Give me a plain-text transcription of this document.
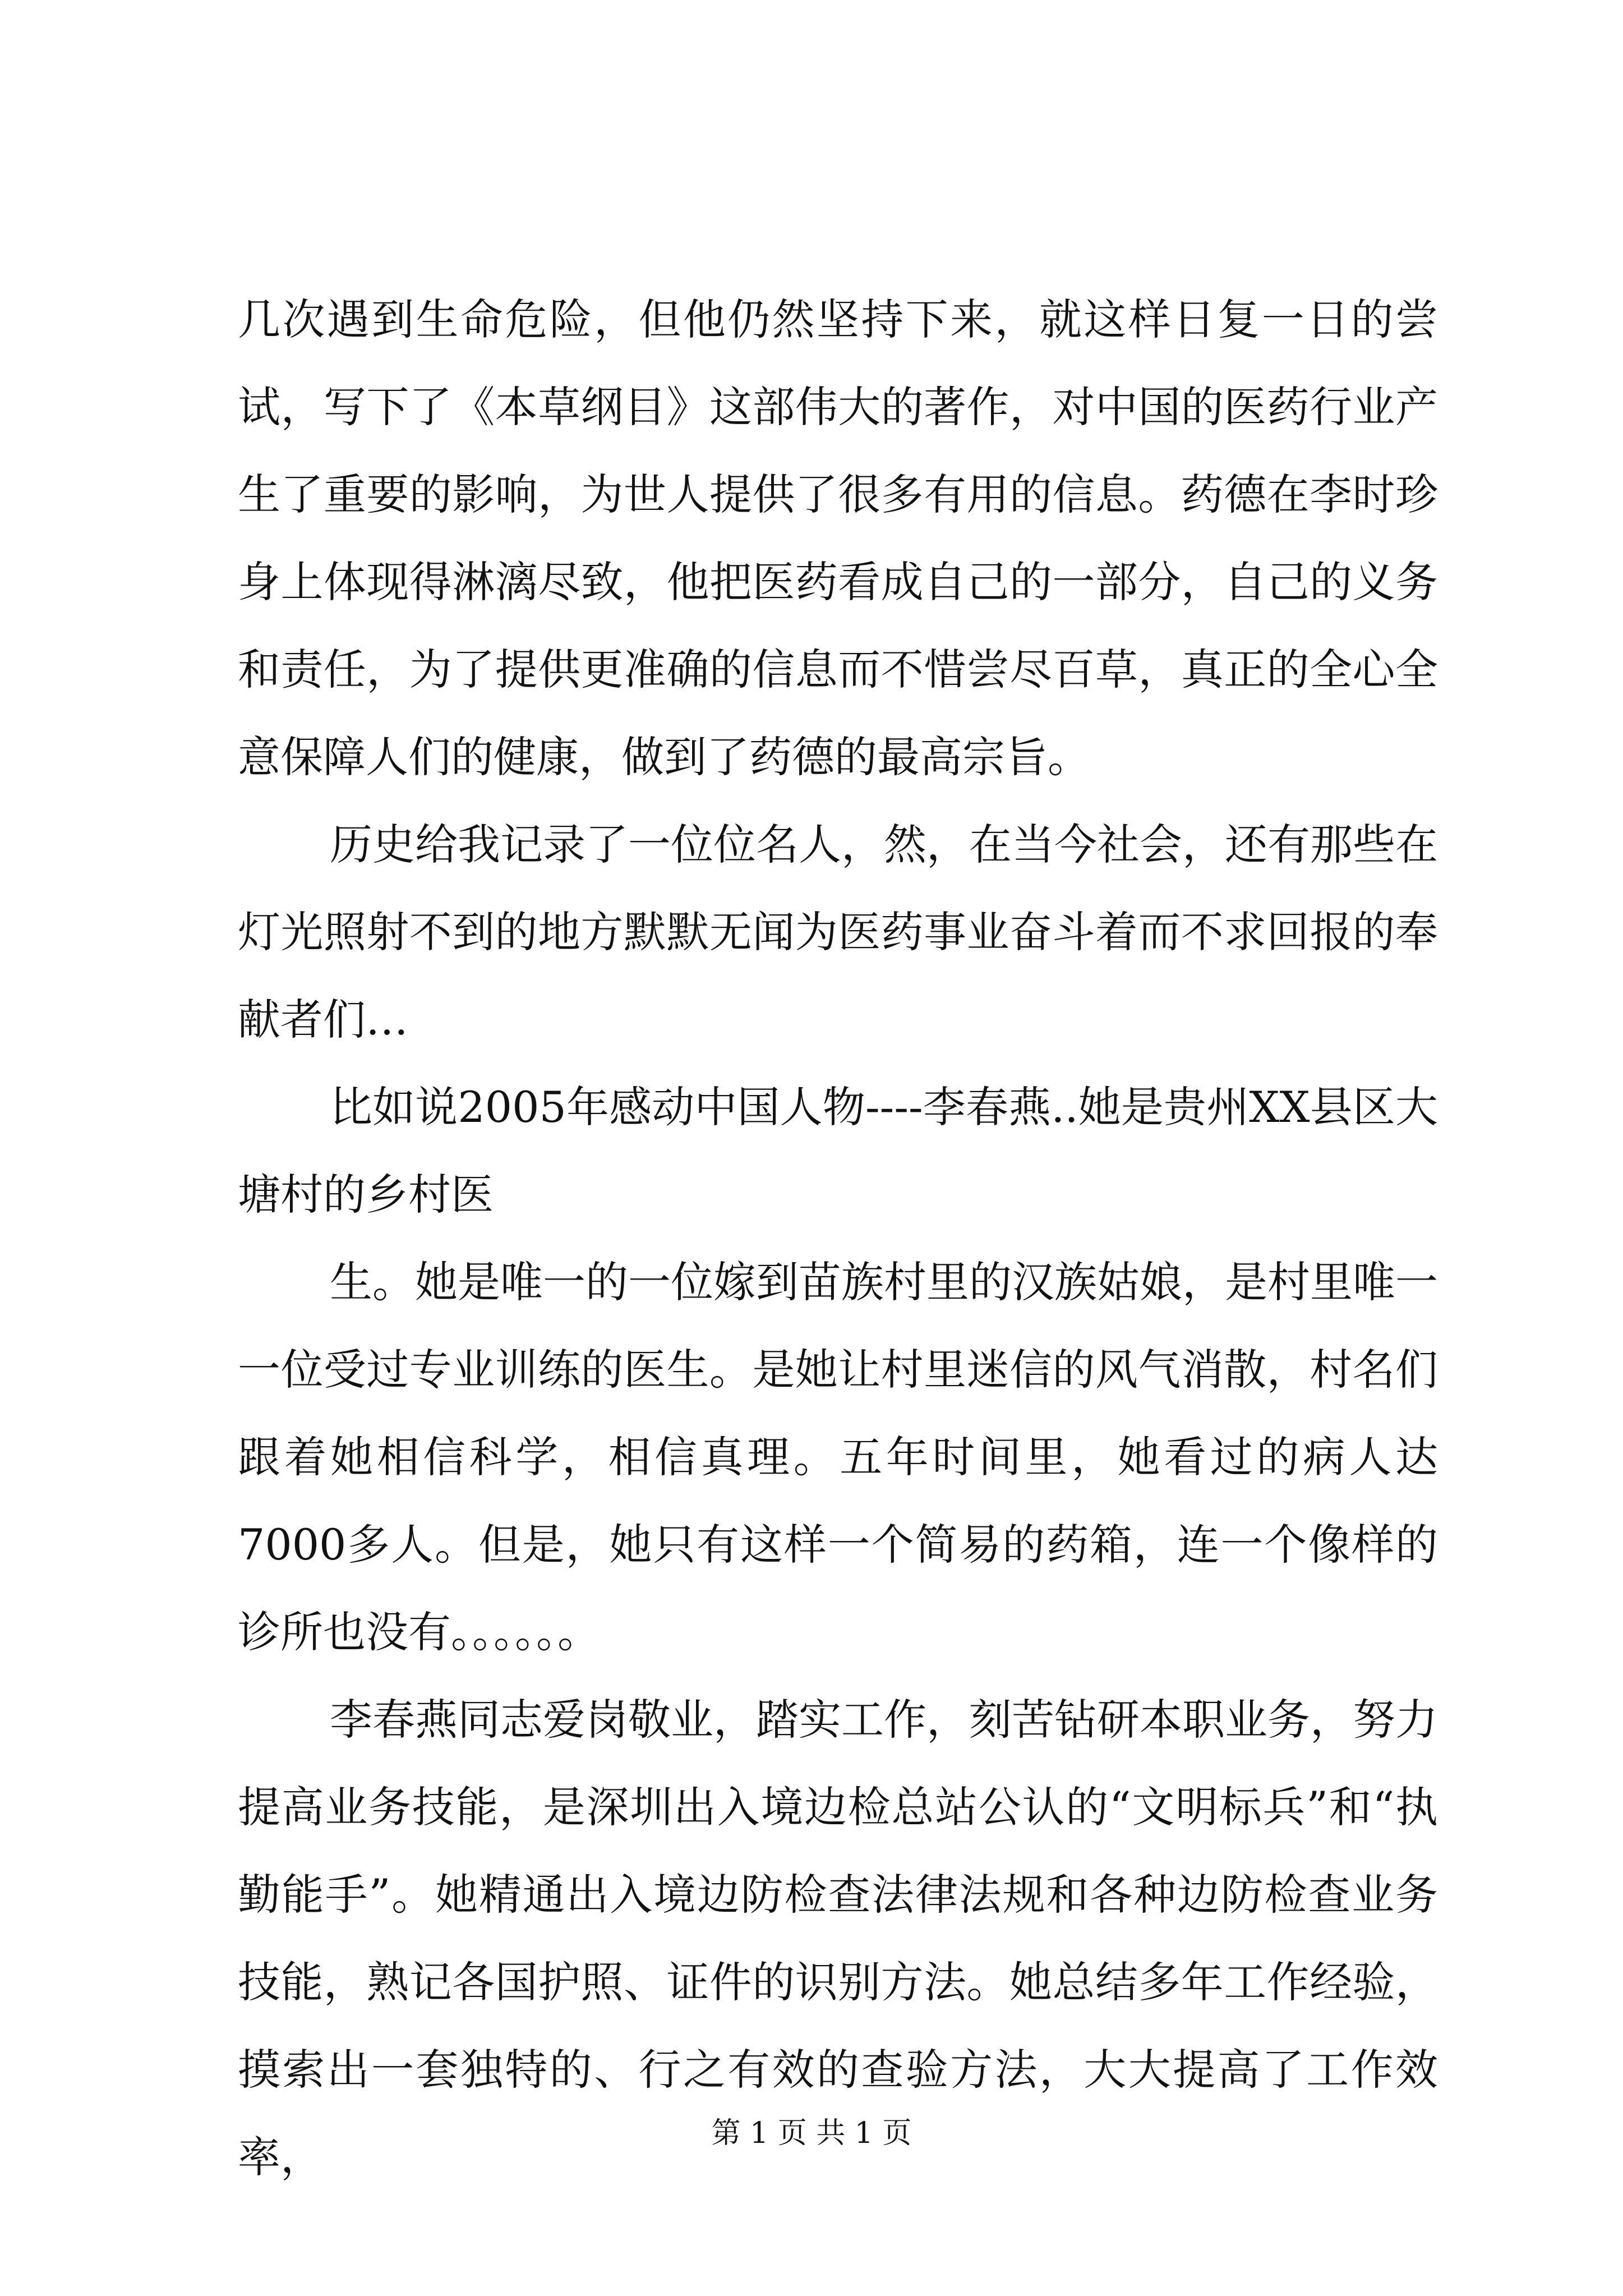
几次遇到生命危险，但他仍然坚持下来，就这样日复一日的尝试，写下了《本草纲目》这部伟大的著作，对中国的医药行业产生了重要的影响，为世人提供了很多有用的信息。药德在李时珍身上体现得淋漓尽致，他把医药看成自己的一部分，自己的义务和责任，为了提供更准确的信息而不惜尝尽百草，真正的全心全意保障人们的健康，做到了药德的最高宗旨。

历史给我记录了一位位名人，然，在当今社会，还有那些在灯光照射不到的地方默默无闻为医药事业奋斗着而不求回报的奉献者们…

比如说2005年感动中国人物----李春燕..她是贵州XX县区大塘村的乡村医

生。她是唯一的一位嫁到苗族村里的汉族姑娘，是村里唯一一位受过专业训练的医生。是她让村里迷信的风气消散，村名们跟着她相信科学，相信真理。五年时间里，她看过的病人达7000多人。但是，她只有这样一个简易的药箱，连一个像样的诊所也没有。。。。。。

李春燕同志爱岗敬业，踏实工作，刻苦钻研本职业务，努力提高业务技能，是深圳出入境边检总站公认的“文明标兵”和“执勤能手”。她精通出入境边防检查法律法规和各种边防检查业务技能，熟记各国护照、证件的识别方法。她总结多年工作经验，摸索出一套独特的、行之有效的查验方法，大大提高了工作效率，	第 1 页 共 1 页
